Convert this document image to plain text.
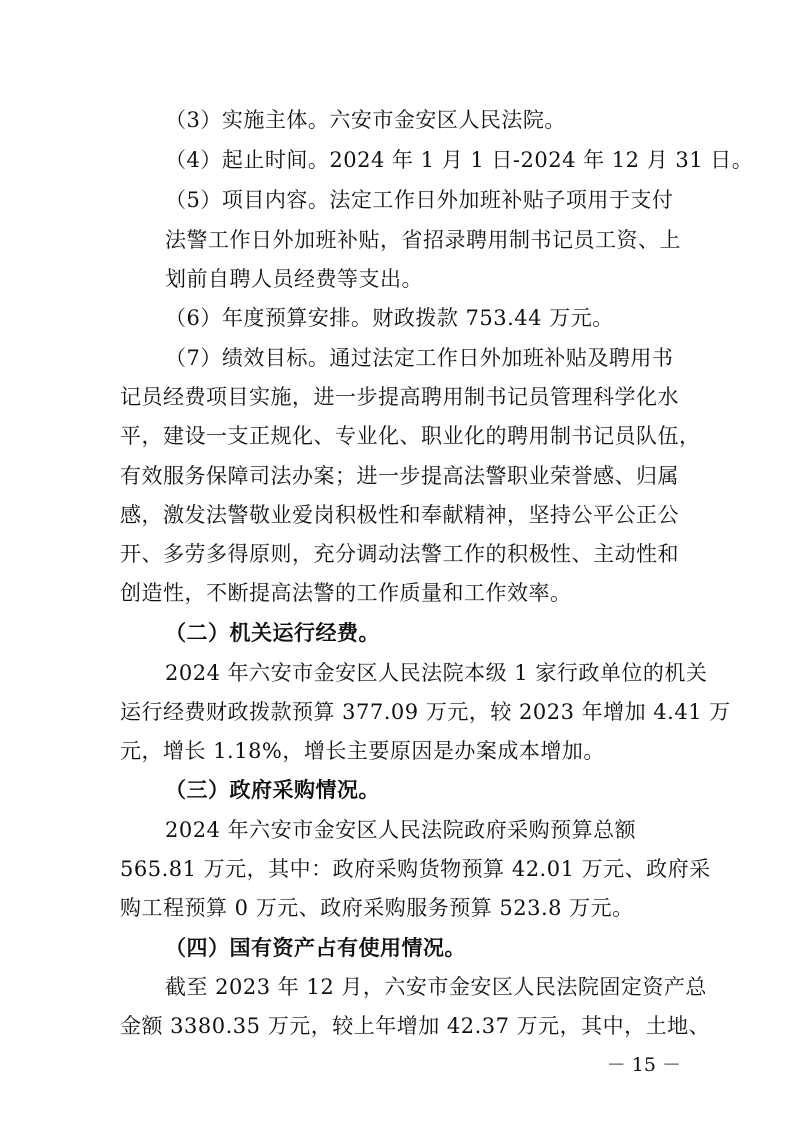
（3）实施主体。六安市金安区人民法院。
（4）起止时间。2024 年 1 月 1 日-2024 年 12 月 31 日。
（5）项目内容。法定工作日外加班补贴子项用于支付
法警工作日外加班补贴，省招录聘用制书记员工资、上
划前自聘人员经费等支出。
（6）年度预算安排。财政拨款 753.44 万元。
（7）绩效目标。通过法定工作日外加班补贴及聘用书
记员经费项目实施，进一步提高聘用制书记员管理科学化水
平，建设一支正规化、专业化、职业化的聘用制书记员队伍，
有效服务保障司法办案；进一步提高法警职业荣誉感、归属
感，激发法警敬业爱岗积极性和奉献精神，坚持公平公正公
开、多劳多得原则，充分调动法警工作的积极性、主动性和
创造性，不断提高法警的工作质量和工作效率。
（二）机关运行经费。
2024 年六安市金安区人民法院本级 1 家行政单位的机关
运行经费财政拨款预算 377.09 万元，较 2023 年增加 4.41 万
元，增长 1.18%，增长主要原因是办案成本增加。
（三）政府采购情况。
2024 年六安市金安区人民法院政府采购预算总额
565.81 万元，其中：政府采购货物预算 42.01 万元、政府采
购工程预算 0 万元、政府采购服务预算 523.8 万元。
（四）国有资产占有使用情况。
截至 2023 年 12 月，六安市金安区人民法院固定资产总
金额 3380.35 万元，较上年增加 42.37 万元，其中，土地、
－ 15 －
